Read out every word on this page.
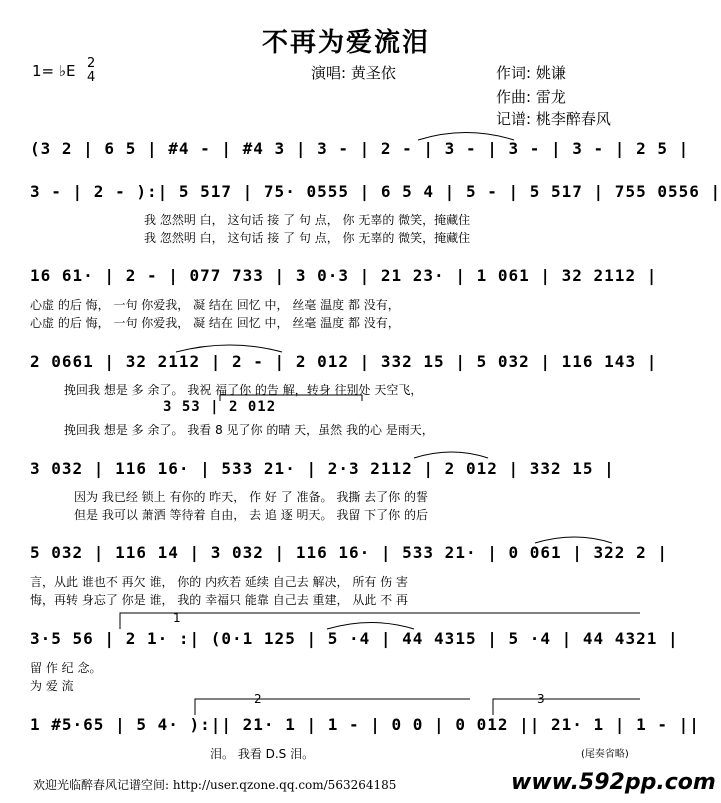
不再为爱流泪
1= ♭E 2
4	演唱: 黄圣依	作词: 姚谦
作曲: 雷龙
记谱: 桃李醉春风
(3 2 | 6 5 | #4 - | #4 3 | 3 - | 2 - | 3 - | 3 - | 3 - | 2 5 |
3 - | 2 - ):| 5 517 | 75· 0555 | 6 5 4 | 5 - | 5 517 | 755 0556 |
我 忽然明 白， 这句话 接 了 句 点， 你 无辜的 微笑，掩藏住
我 忽然明 白， 这句话 接 了 句 点， 你 无辜的 微笑，掩藏住
16 61· | 2 - | 077 733 | 3 0·3 | 21 23· | 1 061 | 32 2112 |
心虚 的后 悔， 一句 你爱我， 凝 结在 回忆 中， 丝毫 温度 都 没有，
心虚 的后 悔， 一句 你爱我， 凝 结在 回忆 中， 丝毫 温度 都 没有，
2 0661 | 32 2112 | 2 - | 2 012 | 332 15 | 5 032 | 116 143 |
挽回我 想是 多 余了。 我祝 福了你 的告 解，转身 往别处 天空飞，
3 53 | 2 012
挽回我 想是 多 余了。 我看 8 见了你 的晴 天，虽然 我的心 是雨天，
3 032 | 116 16· | 533 21· | 2·3 2112 | 2 012 | 332 15 |
因为 我已经 锁上 有你的 昨天， 作 好 了 准备。 我撕 去了你 的誓
但是 我可以 萧洒 等待着 自由， 去 追 逐 明天。 我留 下了你 的后
5 032 | 116 14 | 3 032 | 116 16· | 533 21· | 0 061 | 322 2 |
言，从此 谁也不 再欠 谁， 你的 内疚若 延续 自己去 解决， 所有 伤 害
悔，再转 身忘了 你是 谁， 我的 幸福只 能靠 自己去 重建， 从此 不 再
1
3·5 56 | 2 1· :| (0·1 125 | 5 ·4 | 44 4315 | 5 ·4 | 44 4321 |
留 作 纪 念。
为 爱 流
2	3
1 #5·65 | 5 4· ):|| 21· 1 | 1 - | 0 0 | 0 012 || 21· 1 | 1 - ||
泪。 我看 D.S 泪。	(尾奏省略)
欢迎光临醉春风记谱空间: http://user.qzone.qq.com/563264185	www.592pp.com
